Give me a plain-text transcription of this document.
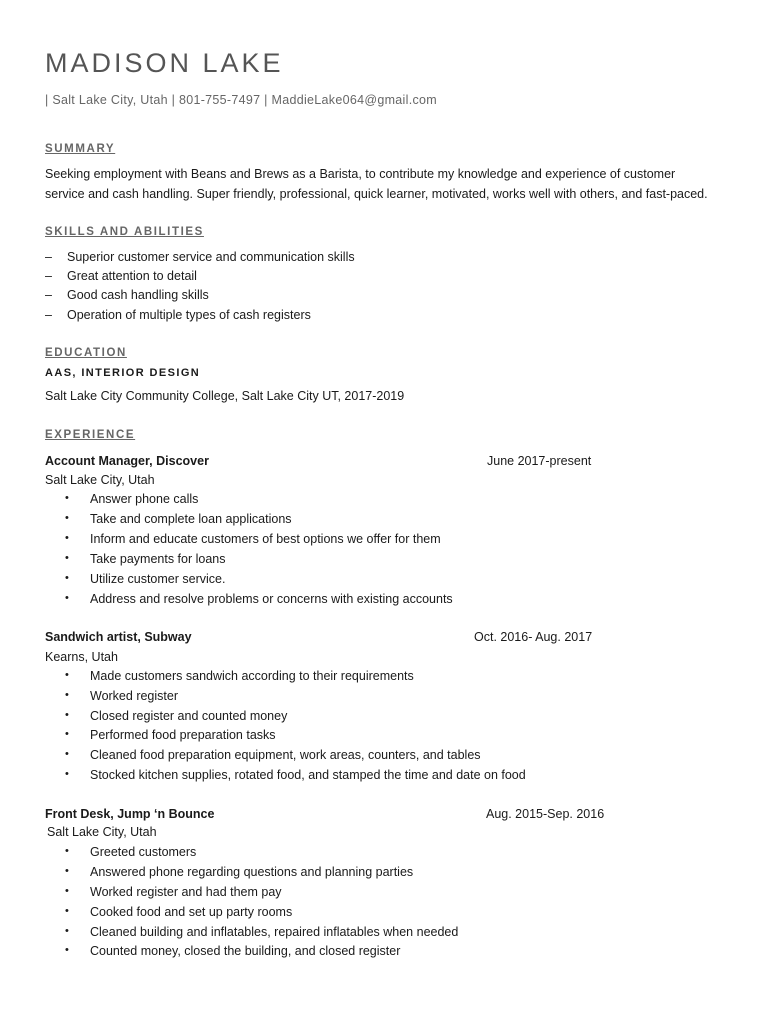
MADISON LAKE
| Salt Lake City, Utah | 801-755-7497 | MaddieLake064@gmail.com
SUMMARY
Seeking employment with Beans and Brews as a Barista, to contribute my knowledge and experience of customer
service and cash handling. Super friendly, professional, quick learner, motivated, works well with others, and fast-paced.
SKILLS AND ABILITIES
– Superior customer service and communication skills
– Great attention to detail
– Good cash handling skills
– Operation of multiple types of cash registers
EDUCATION
AAS, INTERIOR DESIGN
Salt Lake City Community College, Salt Lake City UT, 2017-2019
EXPERIENCE
Account Manager, Discover	June 2017-present
Salt Lake City, Utah
• Answer phone calls
• Take and complete loan applications
• Inform and educate customers of best options we offer for them
• Take payments for loans
• Utilize customer service.
• Address and resolve problems or concerns with existing accounts
Sandwich artist, Subway	Oct. 2016- Aug. 2017
Kearns, Utah
• Made customers sandwich according to their requirements
• Worked register
• Closed register and counted money
• Performed food preparation tasks
• Cleaned food preparation equipment, work areas, counters, and tables
• Stocked kitchen supplies, rotated food, and stamped the time and date on food
Front Desk, Jump ‘n Bounce	Aug. 2015-Sep. 2016
Salt Lake City, Utah
• Greeted customers
• Answered phone regarding questions and planning parties
• Worked register and had them pay
• Cooked food and set up party rooms
• Cleaned building and inflatables, repaired inflatables when needed
• Counted money, closed the building, and closed register
